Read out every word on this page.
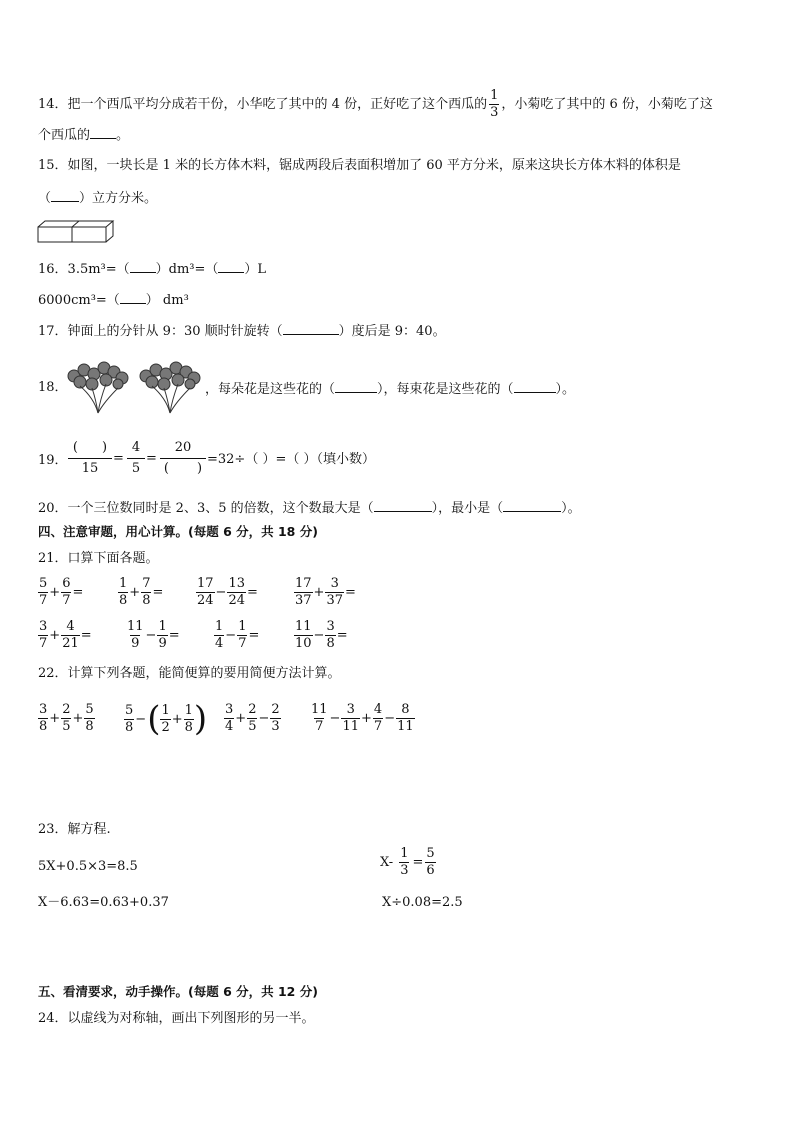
14．把一个西瓜平均分成若干份，小华吃了其中的 4 份，正好吃了这个西瓜的 $\frac{1}{3}$ ，小菊吃了其中的 6 份，小菊吃了这
个西瓜的 。
15．如图，一块长是 1 米的长方体木料，锯成两段后表面积增加了 60 平方分米，原来这块长方体木料的体积是
（ ）立方分米。
16．3.5m³=（ ）dm³=（ ）L
6000cm³=（ ） dm³
17．钟面上的分针从 9：30 顺时针旋转（	）度后是 9：40。
18．	，每朵花是这些花的（	），每束花是这些花的（	）。
19．
( )
15
= $\frac{4}{5}$ =
20
( )
=32÷（ ）=（ ）（填小数）
20．一个三位数同时是 2、3、5 的倍数，这个数最大是（	），最小是（	）。
四、注意审题，用心计算。(每题 6 分，共 18 分)
21．口算下面各题。
$\frac{5}{7} + \frac{6}{7}$ =	$\frac{1}{8} + \frac{7}{8}$ =	$\frac{17}{24} - \frac{13}{24}$ =	$\frac{17}{37} + \frac{3}{37}$ =
$\frac{3}{7} + \frac{4}{21}$ =	$\frac{11}{9} - \frac{1}{9}$ =	$\frac{1}{4} - \frac{1}{7}$ =	$\frac{11}{10} - \frac{3}{8}$ =
22．计算下列各题，能简便算的要用简便方法计算。
$\frac{3}{8} + \frac{2}{5} + \frac{5}{8} \frac{5}{8}$ − ( $\frac{1}{2} + \frac{1}{8}$ ) $\frac{3}{4} + \frac{2}{5} - \frac{2}{3} \frac{11}{7} - \frac{3}{11} + \frac{4}{7} - \frac{8}{11}$
23．解方程.
5X+0.5×3=8.5	$X- \frac{1}{3} = \frac{5}{6}$
X－6.63=0.63+0.37	X÷0.08=2.5
五、看清要求，动手操作。(每题 6 分，共 12 分)
24．以虚线为对称轴，画出下列图形的另一半。
